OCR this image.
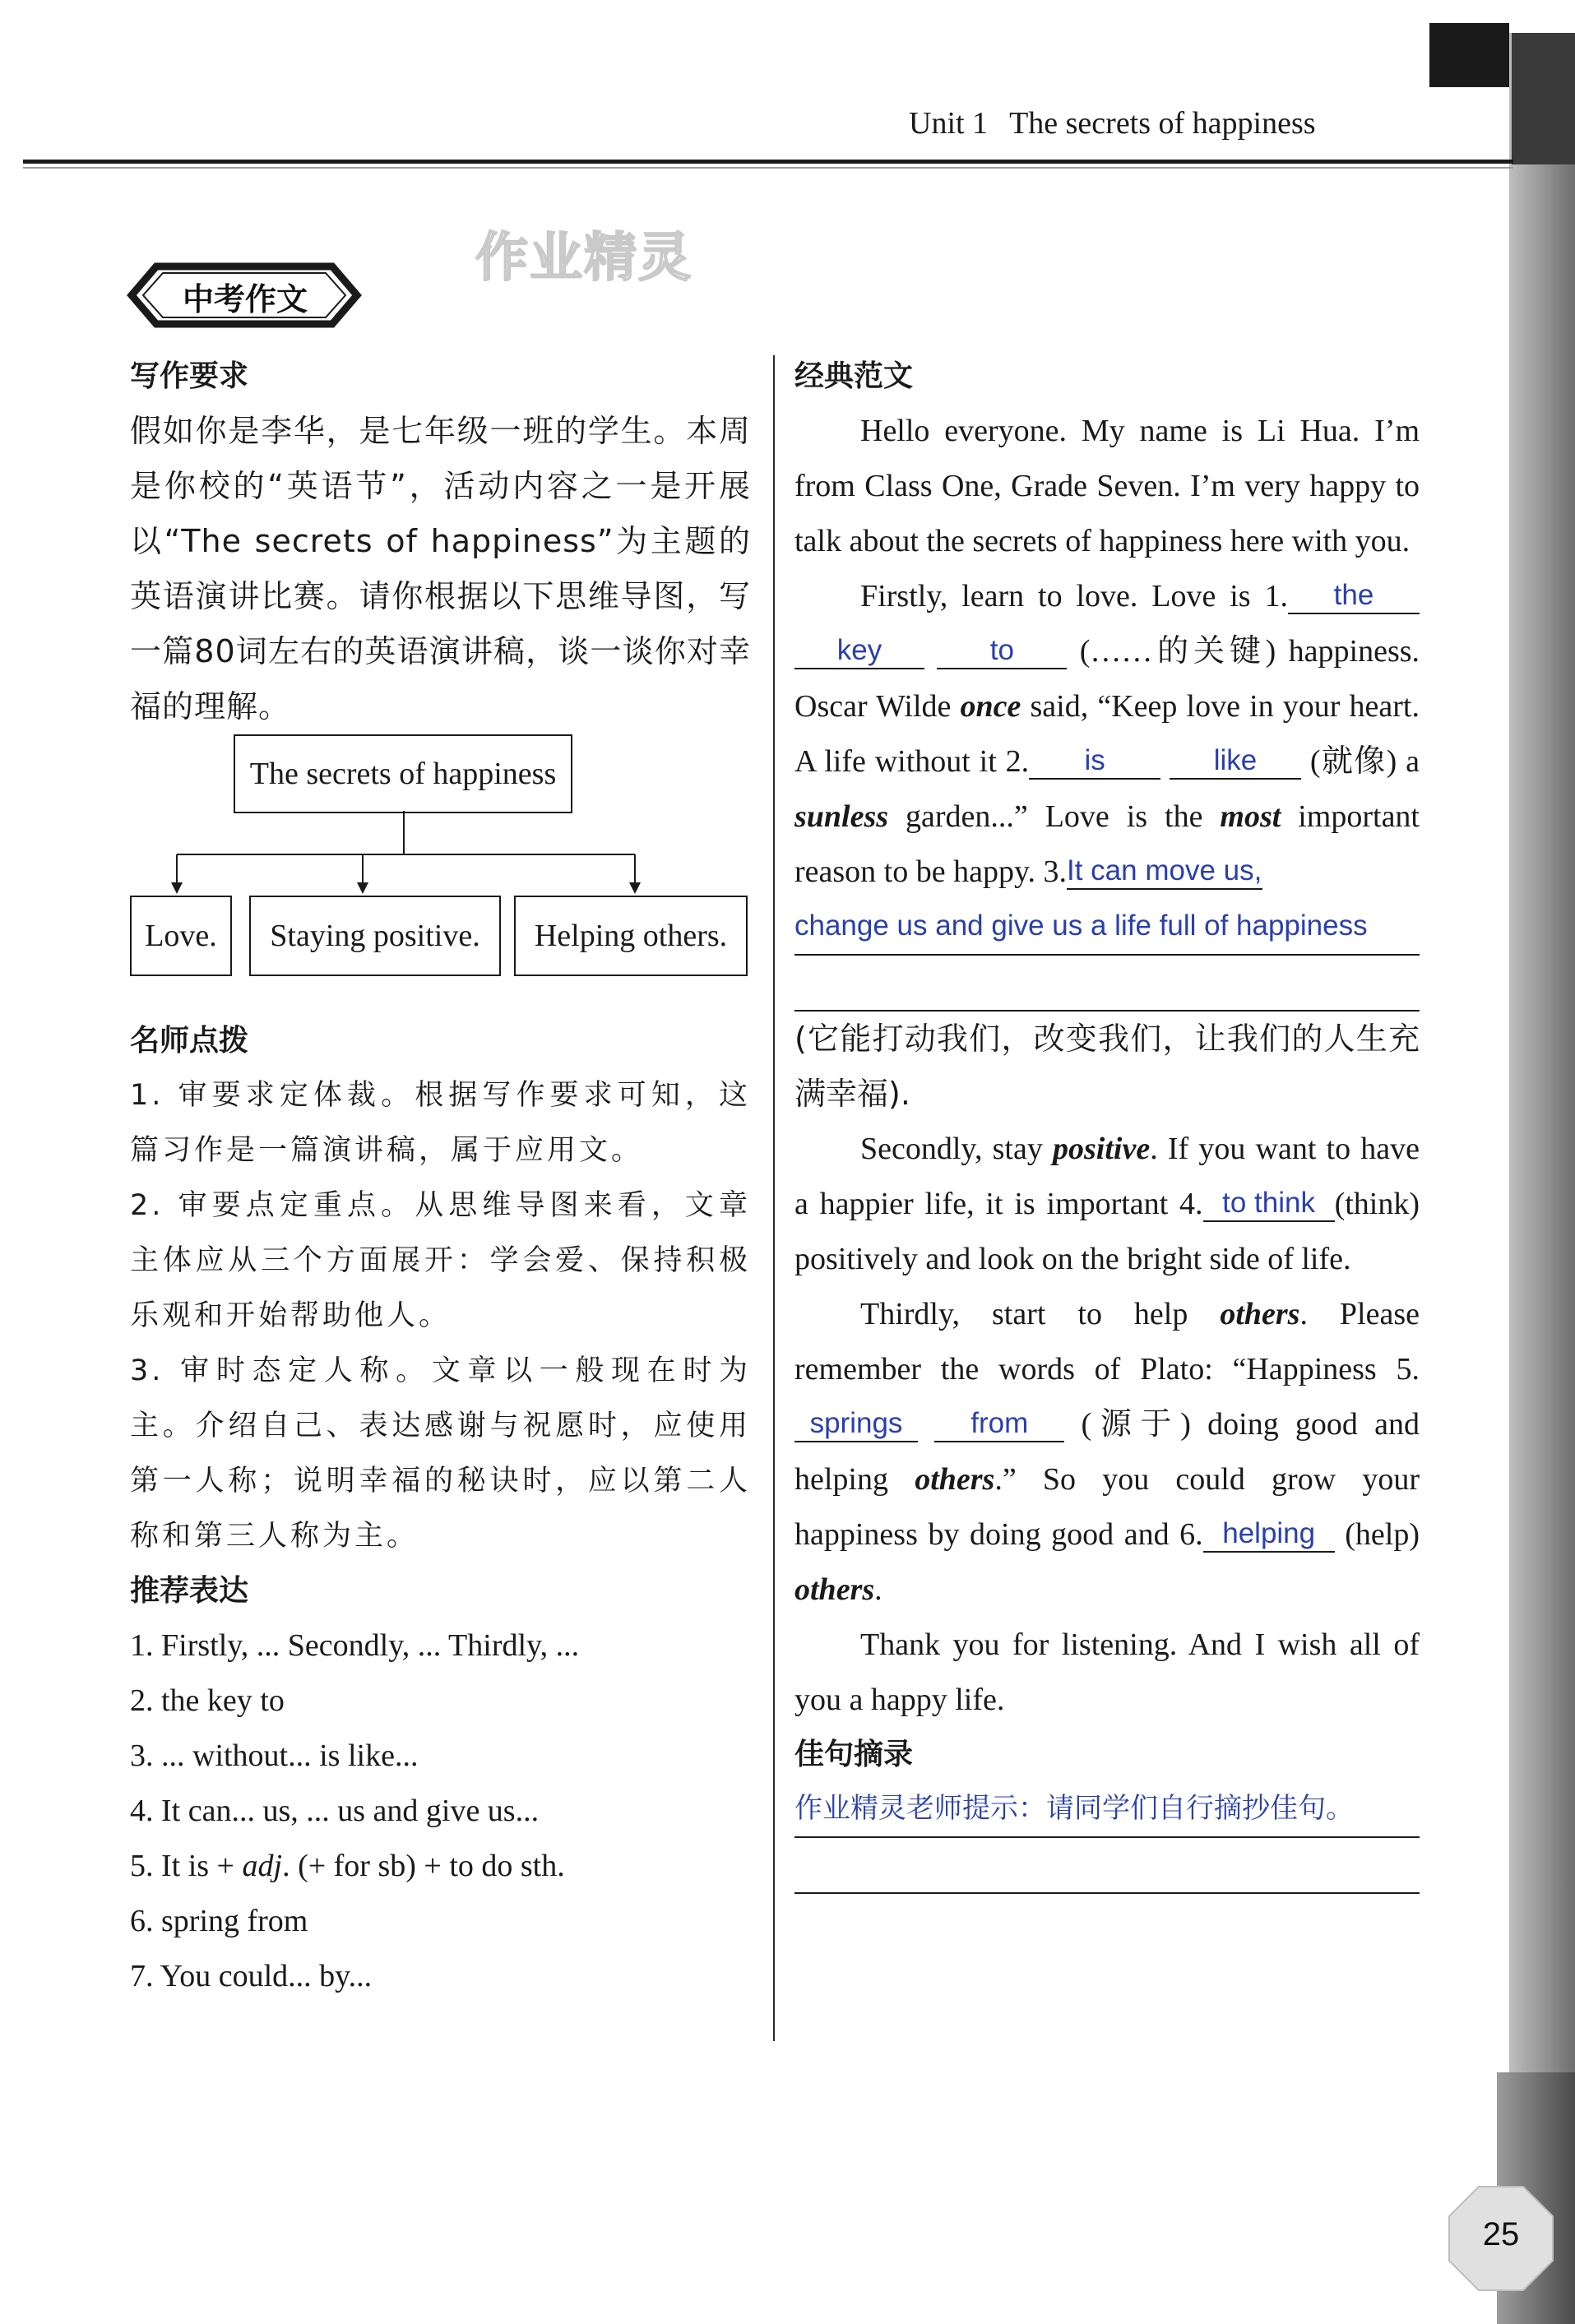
Unit 1 The secrets of happiness
作业精灵
中考作文
写作要求
假如你是李华，是七年级一班的学生。本周是你校的“英语节”，活动内容之一是开展以“The secrets of happiness”为主题的英语演讲比赛。请你根据以下思维导图，写一篇80词左右的英语演讲稿，谈一谈你对幸福的理解。
The secrets of happiness
Love.	Staying positive.	Helping others.
名师点拨
1. 审要求定体裁。根据写作要求可知，这篇习作是一篇演讲稿，属于应用文。
2. 审要点定重点。从思维导图来看，文章主体应从三个方面展开：学会爱、保持积极乐观和开始帮助他人。
3. 审时态定人称。文章以一般现在时为主。介绍自己、表达感谢与祝愿时，应使用第一人称；说明幸福的秘诀时，应以第二人称和第三人称为主。
推荐表达
1. Firstly, ... Secondly, ... Thirdly, ...
2. the key to
3. ... without... is like...
4. It can... us, ... us and give us...
5. It is + adj. (+ for sb) + to do sth.
6. spring from
7. You could... by...
经典范文
Hello everyone. My name is Li Hua. I’m from Class One, Grade Seven. I’m very happy to talk about the secrets of happiness here with you.
Firstly, learn to love. Love is 1. the key	to (……的关键) happiness. Oscar Wilde once said, “Keep love in your heart. A life without it 2. is	like (就像) a sunless garden...” Love is the most important reason to be happy. 3.It can move us,
change us and give us a life full of happiness
(它能打动我们，改变我们，让我们的人生充满幸福).
Secondly, stay positive. If you want to have a happier life, it is important 4. to think (think) positively and look on the bright side of life.
Thirdly, start to help others. Please remember the words of Plato: “Happiness 5.springs from (源于) doing good and helping others.” So you could grow your happiness by doing good and 6. helping (help) others.
Thank you for listening. And I wish all of you a happy life.
佳句摘录
作业精灵老师提示：请同学们自行摘抄佳句。
25
